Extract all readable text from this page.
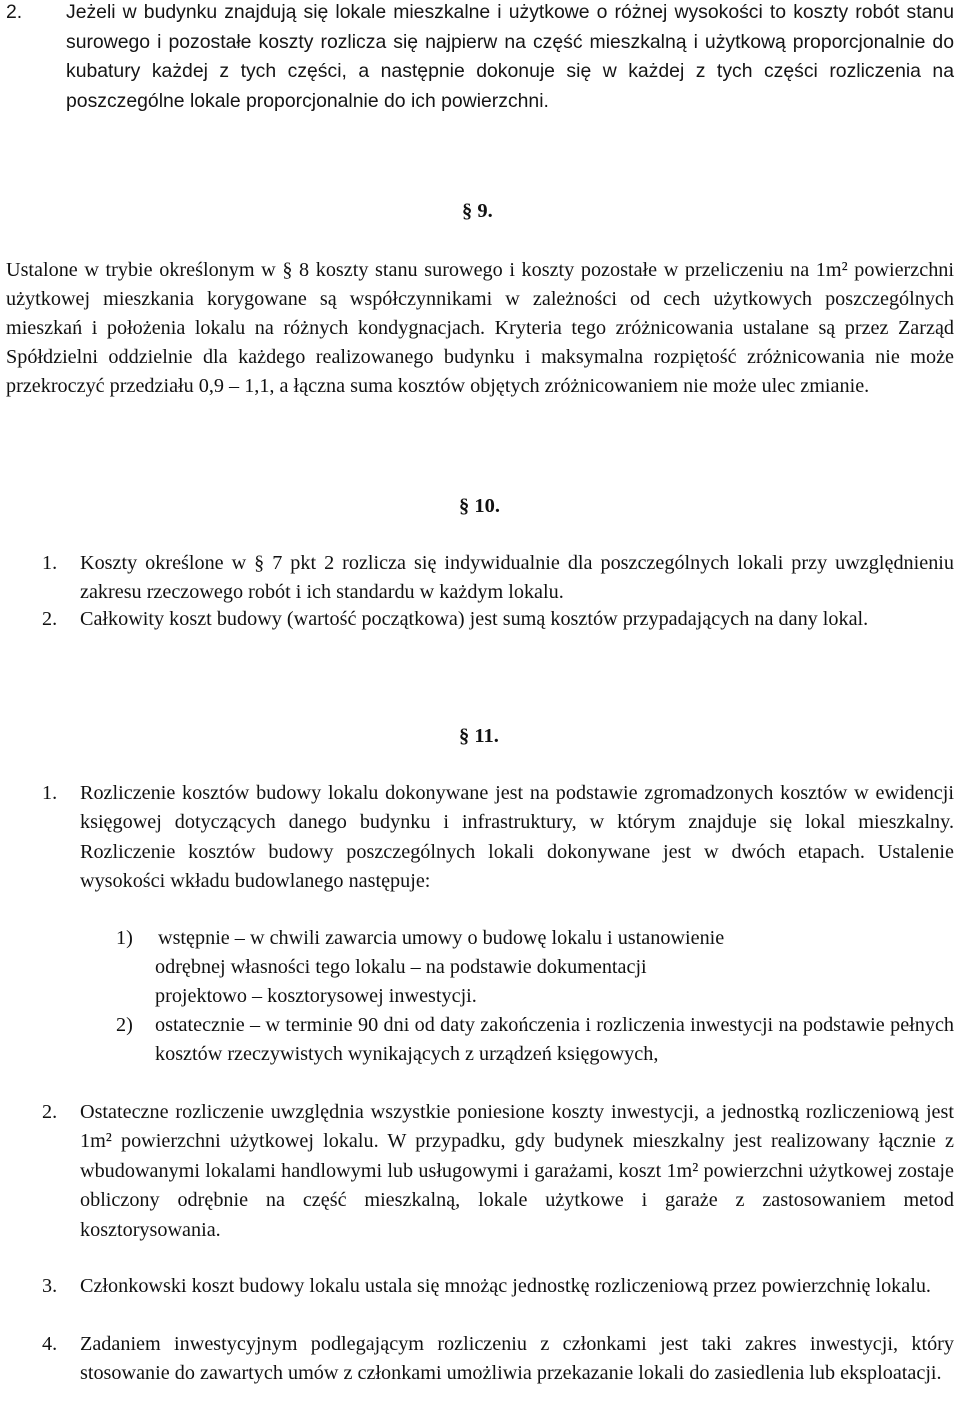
2. Jeżeli w budynku znajdują się lokale mieszkalne i użytkowe o różnej wysokości to koszty robót stanu surowego i pozostałe koszty rozlicza się najpierw na część mieszkalną i użytkową proporcjonalnie do kubatury każdej z tych części, a następnie dokonuje się w każdej z tych części rozliczenia na poszczególne lokale proporcjonalnie do ich powierzchni.
§ 9.
Ustalone w trybie określonym w § 8 koszty stanu surowego i koszty pozostałe w przeliczeniu na 1m² powierzchni użytkowej mieszkania korygowane są współczynnikami w zależności od cech użytkowych poszczególnych mieszkań i położenia lokalu na różnych kondygnacjach. Kryteria tego zróżnicowania ustalane są przez Zarząd Spółdzielni oddzielnie dla każdego realizowanego budynku i maksymalna rozpiętość zróżnicowania nie może przekroczyć przedziału 0,9 – 1,1, a łączna suma kosztów objętych zróżnicowaniem nie może ulec zmianie.
§ 10.
1. Koszty określone w § 7 pkt 2 rozlicza się indywidualnie dla poszczególnych lokali przy uwzględnieniu zakresu rzeczowego robót i ich standardu w każdym lokalu.
2. Całkowity koszt budowy (wartość początkowa) jest sumą kosztów przypadających na dany lokal.
§ 11.
1. Rozliczenie kosztów budowy lokalu dokonywane jest na podstawie zgromadzonych kosztów w ewidencji księgowej dotyczących danego budynku i infrastruktury, w którym znajduje się lokal mieszkalny. Rozliczenie kosztów budowy poszczególnych lokali dokonywane jest w dwóch etapach. Ustalenie wysokości wkładu budowlanego następuje:
1) wstępnie – w chwili zawarcia umowy o budowę lokalu i ustanowienie
odrębnej własności tego lokalu – na podstawie dokumentacji
projektowo – kosztorysowej inwestycji.
2) ostatecznie – w terminie 90 dni od daty zakończenia i rozliczenia inwestycji na podstawie pełnych kosztów rzeczywistych wynikających z urządzeń księgowych,
2. Ostateczne rozliczenie uwzględnia wszystkie poniesione koszty inwestycji, a jednostką rozliczeniową jest 1m² powierzchni użytkowej lokalu. W przypadku, gdy budynek mieszkalny jest realizowany łącznie z wbudowanymi lokalami handlowymi lub usługowymi i garażami, koszt 1m² powierzchni użytkowej zostaje obliczony odrębnie na część mieszkalną, lokale użytkowe i garaże z zastosowaniem metod kosztorysowania.
3. Członkowski koszt budowy lokalu ustala się mnożąc jednostkę rozliczeniową przez powierzchnię lokalu.
4. Zadaniem inwestycyjnym podlegającym rozliczeniu z członkami jest taki zakres inwestycji, który stosowanie do zawartych umów z członkami umożliwia przekazanie lokali do zasiedlenia lub eksploatacji.
